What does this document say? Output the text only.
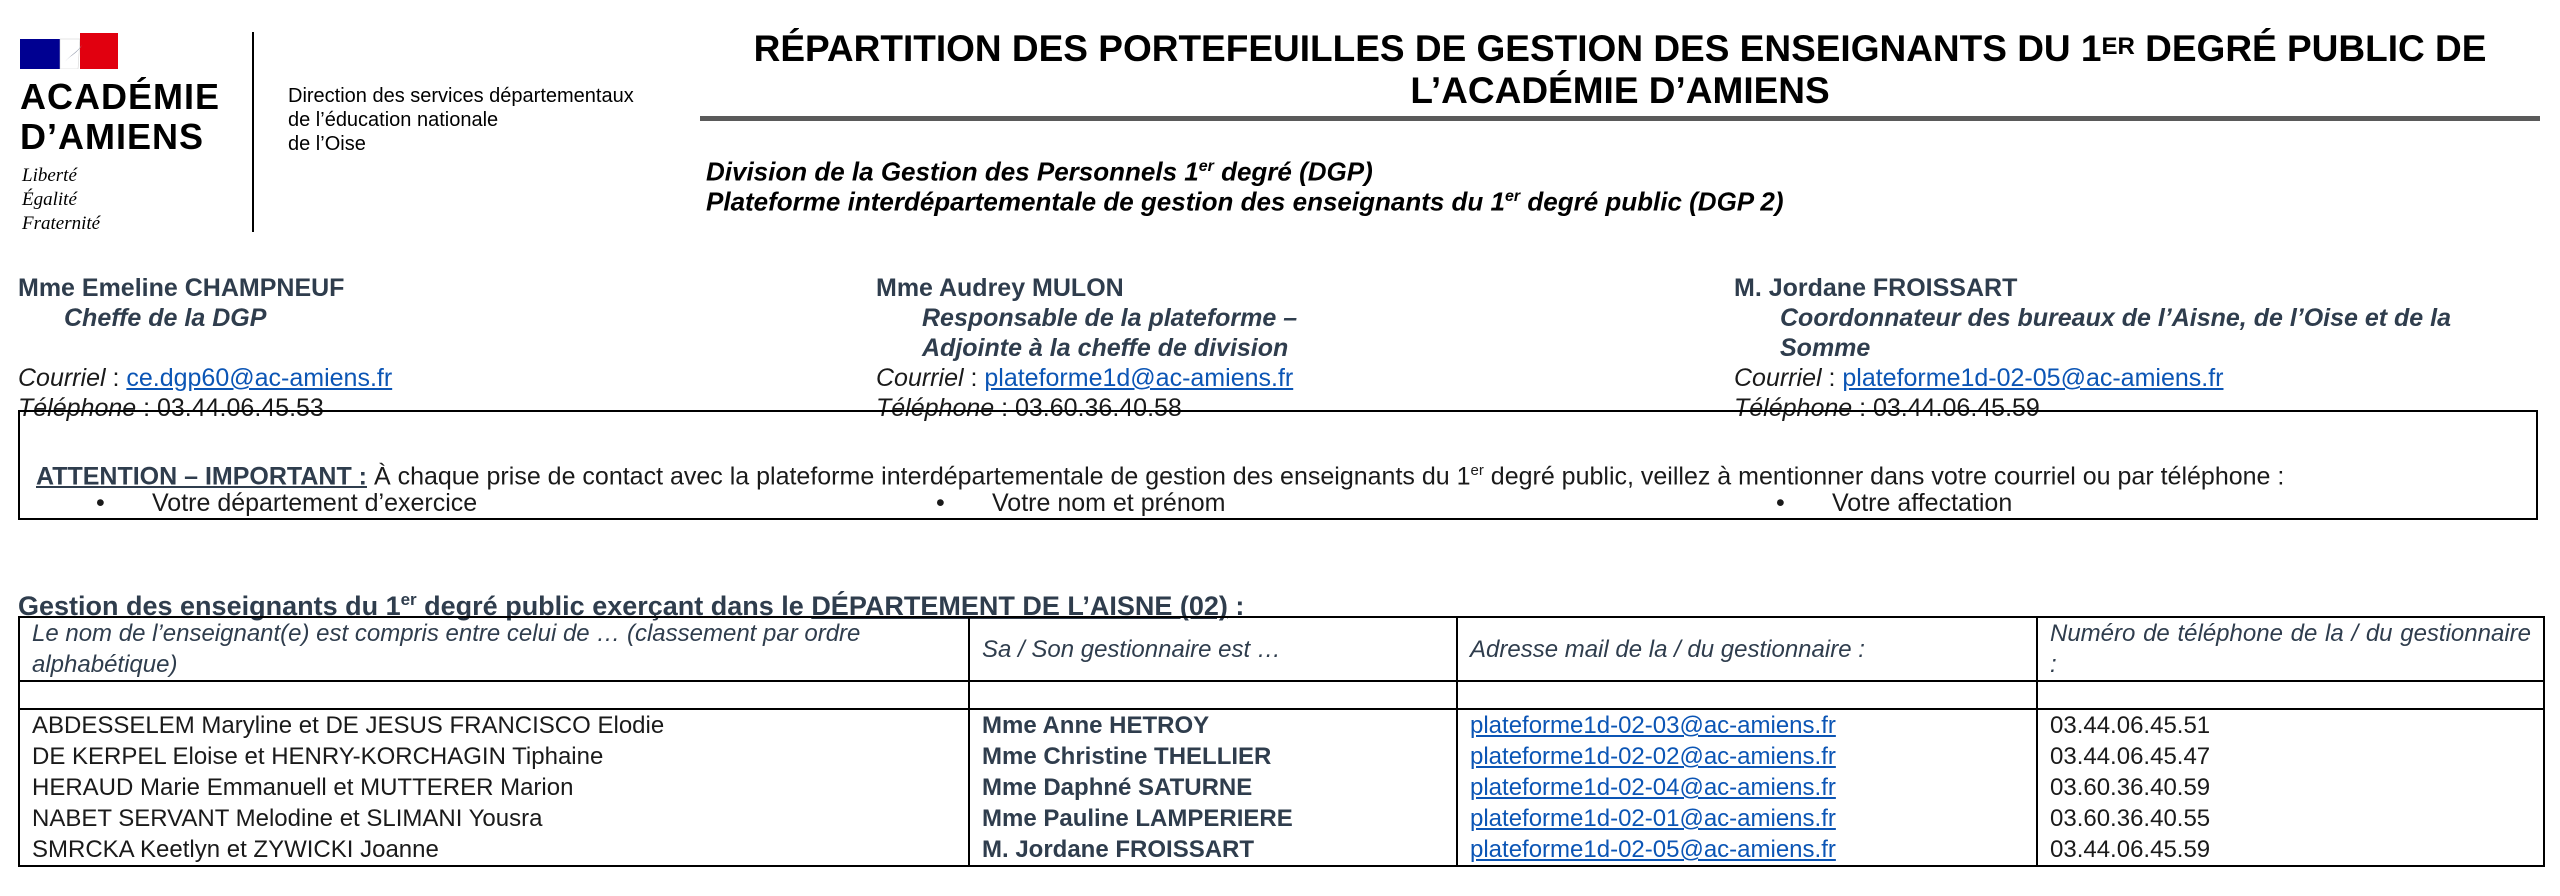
ACADÉMIE
D’AMIENS
Liberté
Égalité
Fraternité
Direction des services départementaux
de l’éducation nationale
de l’Oise
RÉPARTITION DES PORTEFEUILLES DE GESTION DES ENSEIGNANTS DU 1ER DEGRÉ PUBLIC DE
L’ACADÉMIE D’AMIENS
Division de la Gestion des Personnels 1er degré (DGP)
Plateforme interdépartementale de gestion des enseignants du 1er degré public (DGP 2)
Mme Emeline CHAMPNEUF
Cheffe de la DGP
Courriel : ce.dgp60@ac-amiens.fr
Téléphone : 03.44.06.45.53
Mme Audrey MULON
Responsable de la plateforme –
Adjointe à la cheffe de division
Courriel : plateforme1d@ac-amiens.fr
Téléphone : 03.60.36.40.58
M. Jordane FROISSART
Coordonnateur des bureaux de l’Aisne, de l’Oise et de la
Somme
Courriel : plateforme1d-02-05@ac-amiens.fr
Téléphone : 03.44.06.45.59
ATTENTION – IMPORTANT : À chaque prise de contact avec la plateforme interdépartementale de gestion des enseignants du 1er degré public, veillez à mentionner dans votre courriel ou par téléphone :
• Votre département d’exercice	• Votre nom et prénom	• Votre affectation
Gestion des enseignants du 1er degré public exerçant dans le DÉPARTEMENT DE L’AISNE (02) :
Le nom de l’enseignant(e) est compris entre celui de … (classement par ordre alphabétique)	Sa / Son gestionnaire est …	Adresse mail de la / du gestionnaire :	Numéro de téléphone de la / du gestionnaire :

ABDESSELEM Maryline et DE JESUS FRANCISCO Elodie	Mme Anne HETROY	plateforme1d-02-03@ac-amiens.fr	03.44.06.45.51
DE KERPEL Eloise et HENRY-KORCHAGIN Tiphaine	Mme Christine THELLIER	plateforme1d-02-02@ac-amiens.fr	03.44.06.45.47
HERAUD Marie Emmanuell et MUTTERER Marion	Mme Daphné SATURNE	plateforme1d-02-04@ac-amiens.fr	03.60.36.40.59
NABET SERVANT Melodine et SLIMANI Yousra	Mme Pauline LAMPERIERE	plateforme1d-02-01@ac-amiens.fr	03.60.36.40.55
SMRCKA Keetlyn et ZYWICKI Joanne	M. Jordane FROISSART	plateforme1d-02-05@ac-amiens.fr	03.44.06.45.59
